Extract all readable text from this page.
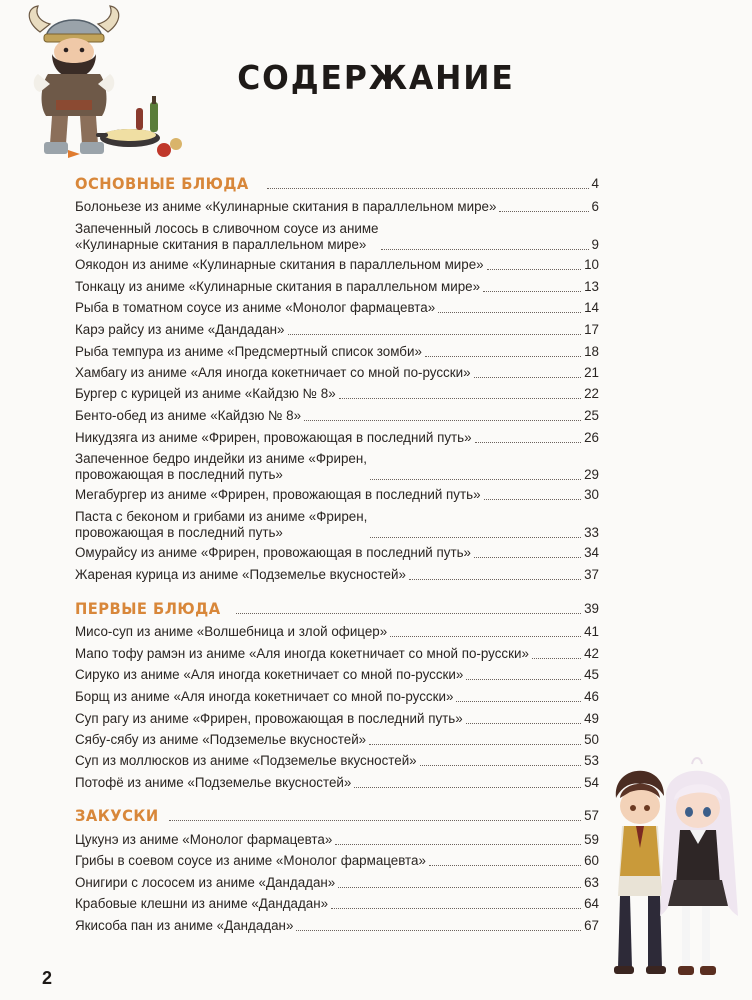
СОДЕРЖАНИЕ
ОСНОВНЫЕ БЛЮДА	4
Болоньезе из аниме «Кулинарные скитания в параллельном мире»	6
Запеченный лосось в сливочном соусе из аниме
«Кулинарные скитания в параллельном мире»	9
Оякодон из аниме «Кулинарные скитания в параллельном мире»	10
Тонкацу из аниме «Кулинарные скитания в параллельном мире»	13
Рыба в томатном соусе из аниме «Монолог фармацевта»	14
Карэ райсу из аниме «Дандадан»	17
Рыба темпура из аниме «Предсмертный список зомби»	18
Хамбагу из аниме «Аля иногда кокетничает со мной по-русски»	21
Бургер с курицей из аниме «Кайдзю № 8»	22
Бенто-обед из аниме «Кайдзю № 8»	25
Никудзяга из аниме «Фрирен, провожающая в последний путь»	26
Запеченное бедро индейки из аниме «Фрирен,
провожающая в последний путь»	29
Мегабургер из аниме «Фрирен, провожающая в последний путь»	30
Паста с беконом и грибами из аниме «Фрирен,
провожающая в последний путь»	33
Омурайсу из аниме «Фрирен, провожающая в последний путь»	34
Жареная курица из аниме «Подземелье вкусностей»	37
ПЕРВЫЕ БЛЮДА	39
Мисо-суп из аниме «Волшебница и злой офицер»	41
Мапо тофу рамэн из аниме «Аля иногда кокетничает со мной по-русски»	42
Сируко из аниме «Аля иногда кокетничает со мной по-русски»	45
Борщ из аниме «Аля иногда кокетничает со мной по-русски»	46
Суп рагу из аниме «Фрирен, провожающая в последний путь»	49
Сябу-сябу из аниме «Подземелье вкусностей»	50
Суп из моллюсков из аниме «Подземелье вкусностей»	53
Потофё из аниме «Подземелье вкусностей»	54
ЗАКУСКИ	57
Цукунэ из аниме «Монолог фармацевта»	59
Грибы в соевом соусе из аниме «Монолог фармацевта»	60
Онигири с лососем из аниме «Дандадан»	63
Крабовые клешни из аниме «Дандадан»	64
Якисоба пан из аниме «Дандадан»	67
2
